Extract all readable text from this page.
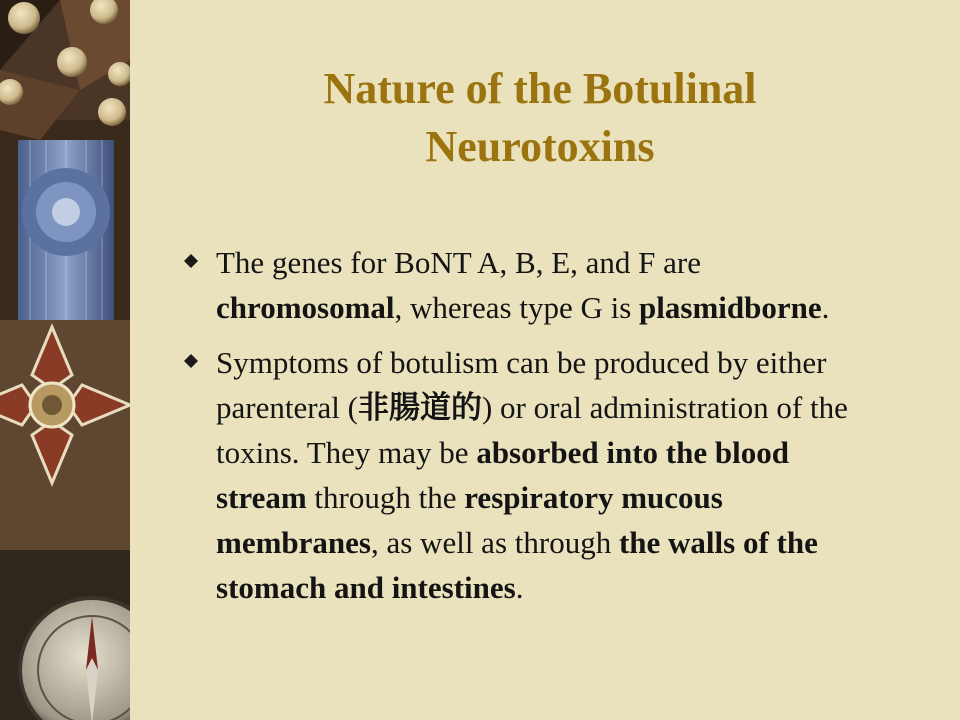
Nature of the Botulinal Neurotoxins
The genes for BoNT A, B, E, and F are chromosomal, whereas type G is plasmidborne.
Symptoms of botulism can be produced by either parenteral (非腸道的) or oral administration of the toxins. They may be absorbed into the blood stream through the respiratory mucous membranes, as well as through the walls of the stomach and intestines.
